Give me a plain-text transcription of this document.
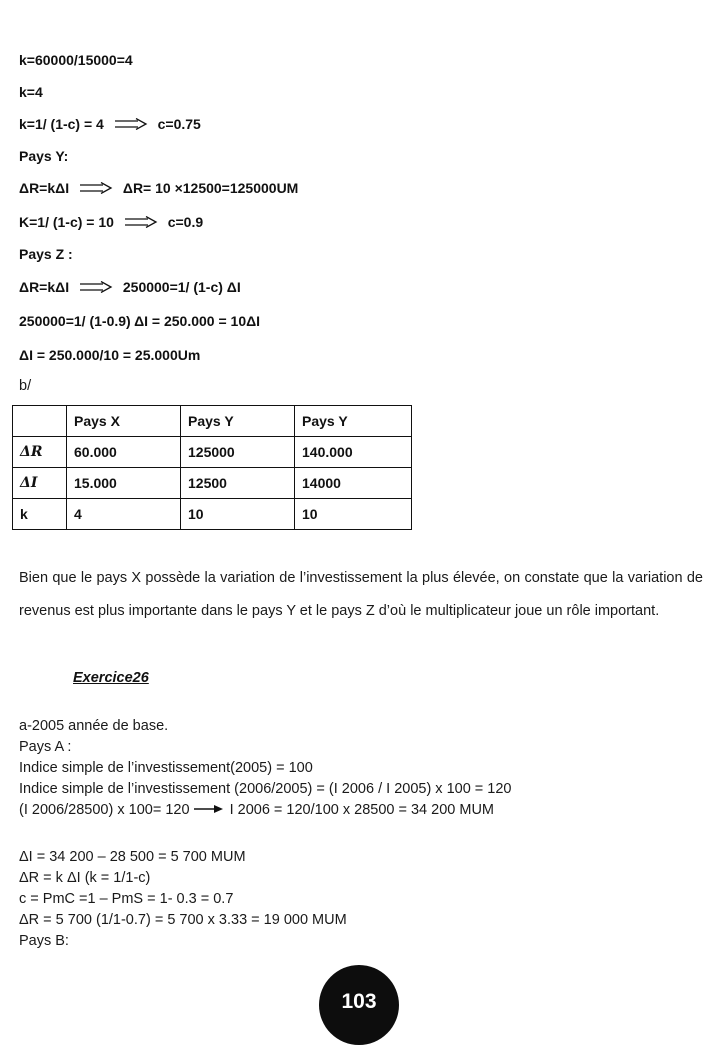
k=60000/15000=4
k=4
k=1/ (1-c) = 4	c=0.75
Pays Y:
ΔR=kΔI	ΔR= 10 ×12500=125000UM
K=1/ (1-c) = 10	c=0.9
Pays Z :
ΔR=kΔI	250000=1/ (1-c) ΔI
250000=1/ (1-0.9) ΔI = 250.000 = 10ΔI
ΔI = 250.000/10 = 25.000Um
b/
	Pays X	Pays Y	Pays Y
ΔR	60.000	125000	140.000
ΔI	15.000	12500	14000
k	4	10	10
Bien que le pays X possède la variation de l’investissement la plus élevée, on constate que la variation de revenus est plus importante dans le pays Y et le pays Z d’où le multiplicateur joue un rôle important.
Exercice26
a-2005 année de base.
Pays A :
Indice simple de l’investissement(2005) = 100
Indice simple de l’investissement (2006/2005) = (I 2006 / I 2005) x 100 = 120
(I 2006/28500) x 100= 120	I 2006 = 120/100 x 28500 = 34 200 MUM
ΔI = 34 200 – 28 500 = 5 700 MUM
ΔR = k ΔI (k = 1/1-c)
c = PmC =1 – PmS = 1- 0.3 = 0.7
ΔR = 5 700 (1/1-0.7) = 5 700 x 3.33 = 19 000 MUM
Pays B:
103
